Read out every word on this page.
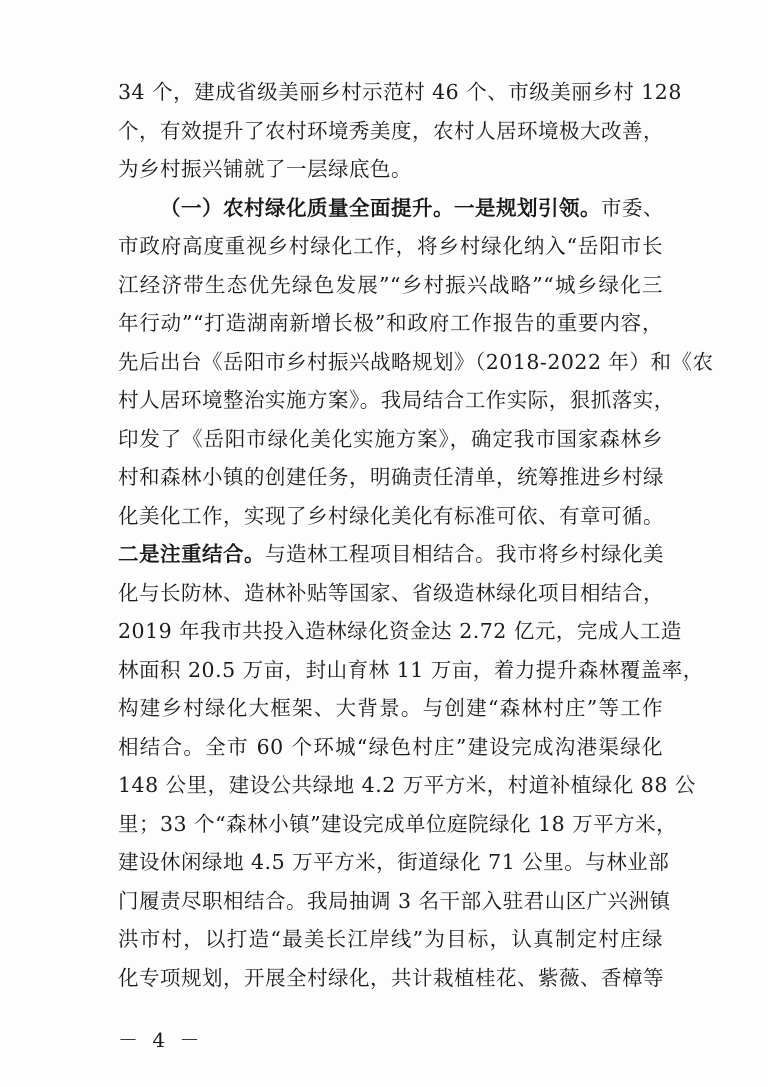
34 个，建成省级美丽乡村示范村 46 个、市级美丽乡村 128
个，有效提升了农村环境秀美度，农村人居环境极大改善，
为乡村振兴铺就了一层绿底色。
（一）农村绿化质量全面提升。一是规划引领。市委、
市政府高度重视乡村绿化工作，将乡村绿化纳入“岳阳市长
江经济带生态优先绿色发展”“乡村振兴战略”“城乡绿化三
年行动”“打造湖南新增长极”和政府工作报告的重要内容，
先后出台《岳阳市乡村振兴战略规划》（2018-2022 年）和《农
村人居环境整治实施方案》。我局结合工作实际，狠抓落实，
印发了《岳阳市绿化美化实施方案》，确定我市国家森林乡
村和森林小镇的创建任务，明确责任清单，统筹推进乡村绿
化美化工作，实现了乡村绿化美化有标准可依、有章可循。
二是注重结合。与造林工程项目相结合。我市将乡村绿化美
化与长防林、造林补贴等国家、省级造林绿化项目相结合，
2019 年我市共投入造林绿化资金达 2.72 亿元，完成人工造
林面积 20.5 万亩，封山育林 11 万亩，着力提升森林覆盖率，
构建乡村绿化大框架、大背景。与创建“森林村庄”等工作
相结合。全市 60 个环城“绿色村庄”建设完成沟港渠绿化
148 公里，建设公共绿地 4.2 万平方米，村道补植绿化 88 公
里；33 个“森林小镇”建设完成单位庭院绿化 18 万平方米，
建设休闲绿地 4.5 万平方米，街道绿化 71 公里。与林业部
门履责尽职相结合。我局抽调 3 名干部入驻君山区广兴洲镇
洪市村，以打造“最美长江岸线”为目标，认真制定村庄绿
化专项规划，开展全村绿化，共计栽植桂花、紫薇、香樟等
－ 4 －
